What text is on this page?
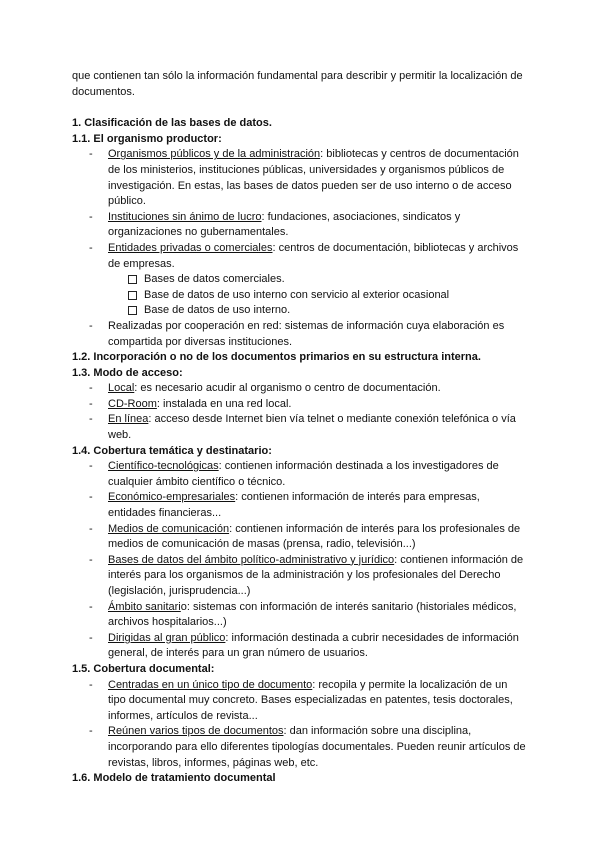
que contienen tan sólo la información fundamental para describir y permitir la localización de documentos.

1. Clasificación de las bases de datos.

1.1. El organismo productor:

- Organismos públicos y de la administración: bibliotecas y centros de documentación de los ministerios, instituciones públicas, universidades y organismos públicos de investigación. En estas, las bases de datos pueden ser de uso interno o de acceso público.
- Instituciones sin ánimo de lucro: fundaciones, asociaciones, sindicatos y organizaciones no gubernamentales.
- Entidades privadas o comerciales: centros de documentación, bibliotecas y archivos de empresas.
Bases de datos comerciales.
Base de datos de uso interno con servicio al exterior ocasional
Base de datos de uso interno.
- Realizadas por cooperación en red: sistemas de información cuya elaboración es compartida por diversas instituciones.

1.2. Incorporación o no de los documentos primarios en su estructura interna.

1.3. Modo de acceso:

- Local: es necesario acudir al organismo o centro de documentación.
- CD-Room: instalada en una red local.
- En línea: acceso desde Internet bien vía telnet o mediante conexión telefónica o vía web.

1.4. Cobertura temática y destinatario:

- Científico-tecnológicas: contienen información destinada a los investigadores de cualquier ámbito científico o técnico.
- Económico-empresariales: contienen información de interés para empresas, entidades financieras...
- Medios de comunicación: contienen información de interés para los profesionales de medios de comunicación de masas (prensa, radio, televisión...)
- Bases de datos del ámbito político-administrativo y jurídico: contienen información de interés para los organismos de la administración y los profesionales del Derecho (legislación, jurisprudencia...)
- Ámbito sanitario: sistemas con información de interés sanitario (historiales médicos, archivos hospitalarios...)
- Dirigidas al gran público: información destinada a cubrir necesidades de información general, de interés para un gran número de usuarios.

1.5. Cobertura documental:

- Centradas en un único tipo de documento: recopila y permite la localización de un tipo documental muy concreto. Bases especializadas en patentes, tesis doctorales, informes, artículos de revista...
- Reúnen varios tipos de documentos: dan información sobre una disciplina, incorporando para ello diferentes tipologías documentales. Pueden reunir artículos de revistas, libros, informes, páginas web, etc.

1.6. Modelo de tratamiento documental
